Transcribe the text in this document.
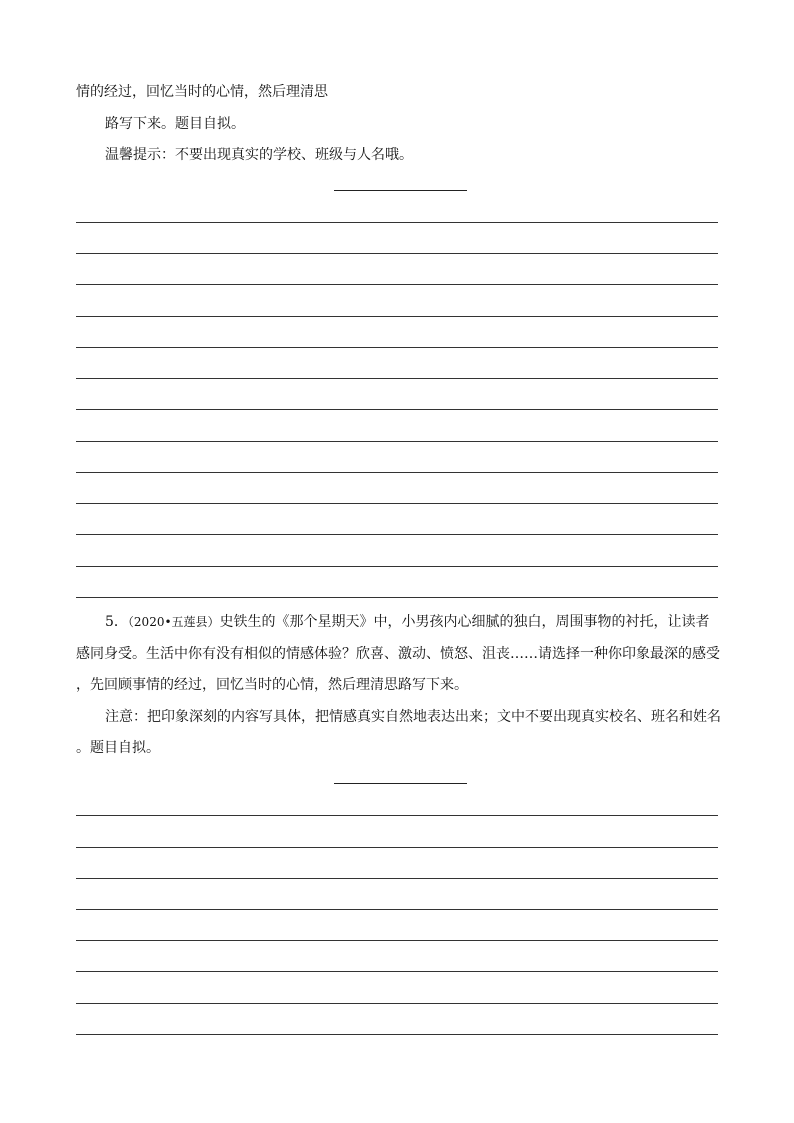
情的经过，回忆当时的心情，然后理清思
路写下来。题目自拟。
温馨提示：不要出现真实的学校、班级与人名哦。
5．（2020•五莲县）史铁生的《那个星期天》中，小男孩内心细腻的独白，周围事物的衬托，让读者
感同身受。生活中你有没有相似的情感体验？欣喜、激动、愤怒、沮丧……请选择一种你印象最深的感受
，先回顾事情的经过，回忆当时的心情，然后理清思路写下来。
注意：把印象深刻的内容写具体，把情感真实自然地表达出来；文中不要出现真实校名、班名和姓名
。题目自拟。
